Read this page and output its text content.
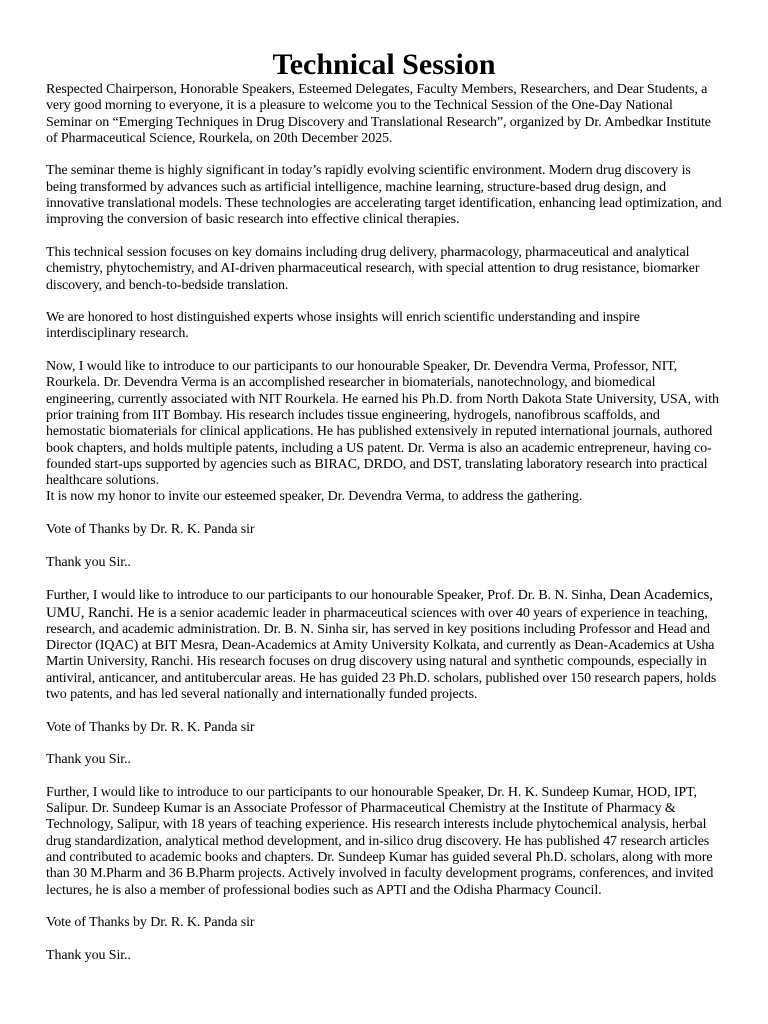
Technical Session

Respected Chairperson, Honorable Speakers, Esteemed Delegates, Faculty Members, Researchers, and Dear Students, a very good morning to everyone, it is a pleasure to welcome you to the Technical Session of the One-Day National Seminar on “Emerging Techniques in Drug Discovery and Translational Research”, organized by Dr. Ambedkar Institute of Pharmaceutical Science, Rourkela, on 20th December 2025.

The seminar theme is highly significant in today’s rapidly evolving scientific environment. Modern drug discovery is being transformed by advances such as artificial intelligence, machine learning, structure-based drug design, and innovative translational models. These technologies are accelerating target identification, enhancing lead optimization, and improving the conversion of basic research into effective clinical therapies.

This technical session focuses on key domains including drug delivery, pharmacology, pharmaceutical and analytical chemistry, phytochemistry, and AI-driven pharmaceutical research, with special attention to drug resistance, biomarker discovery, and bench-to-bedside translation.

We are honored to host distinguished experts whose insights will enrich scientific understanding and inspire interdisciplinary research.

Now, I would like to introduce to our participants to our honourable Speaker, Dr. Devendra Verma, Professor, NIT, Rourkela. Dr. Devendra Verma is an accomplished researcher in biomaterials, nanotechnology, and biomedical engineering, currently associated with NIT Rourkela. He earned his Ph.D. from North Dakota State University, USA, with prior training from IIT Bombay. His research includes tissue engineering, hydrogels, nanofibrous scaffolds, and hemostatic biomaterials for clinical applications. He has published extensively in reputed international journals, authored book chapters, and holds multiple patents, including a US patent. Dr. Verma is also an academic entrepreneur, having co-founded start-ups supported by agencies such as BIRAC, DRDO, and DST, translating laboratory research into practical healthcare solutions.

It is now my honor to invite our esteemed speaker, Dr. Devendra Verma, to address the gathering.

Vote of Thanks by Dr. R. K. Panda sir

Thank you Sir..

Further, I would like to introduce to our participants to our honourable Speaker, Prof. Dr. B. N. Sinha, Dean Academics, UMU, Ranchi. He is a senior academic leader in pharmaceutical sciences with over 40 years of experience in teaching, research, and academic administration. Dr. B. N. Sinha sir, has served in key positions including Professor and Head and Director (IQAC) at BIT Mesra, Dean-Academics at Amity University Kolkata, and currently as Dean-Academics at Usha Martin University, Ranchi. His research focuses on drug discovery using natural and synthetic compounds, especially in antiviral, anticancer, and antitubercular areas. He has guided 23 Ph.D. scholars, published over 150 research papers, holds two patents, and has led several nationally and internationally funded projects.

Vote of Thanks by Dr. R. K. Panda sir

Thank you Sir..

Further, I would like to introduce to our participants to our honourable Speaker, Dr. H. K. Sundeep Kumar, HOD, IPT, Salipur. Dr. Sundeep Kumar is an Associate Professor of Pharmaceutical Chemistry at the Institute of Pharmacy & Technology, Salipur, with 18 years of teaching experience. His research interests include phytochemical analysis, herbal drug standardization, analytical method development, and in-silico drug discovery. He has published 47 research articles and contributed to academic books and chapters. Dr. Sundeep Kumar has guided several Ph.D. scholars, along with more than 30 M.Pharm and 36 B.Pharm projects. Actively involved in faculty development programs, conferences, and invited lectures, he is also a member of professional bodies such as APTI and the Odisha Pharmacy Council.

Vote of Thanks by Dr. R. K. Panda sir

Thank you Sir..
